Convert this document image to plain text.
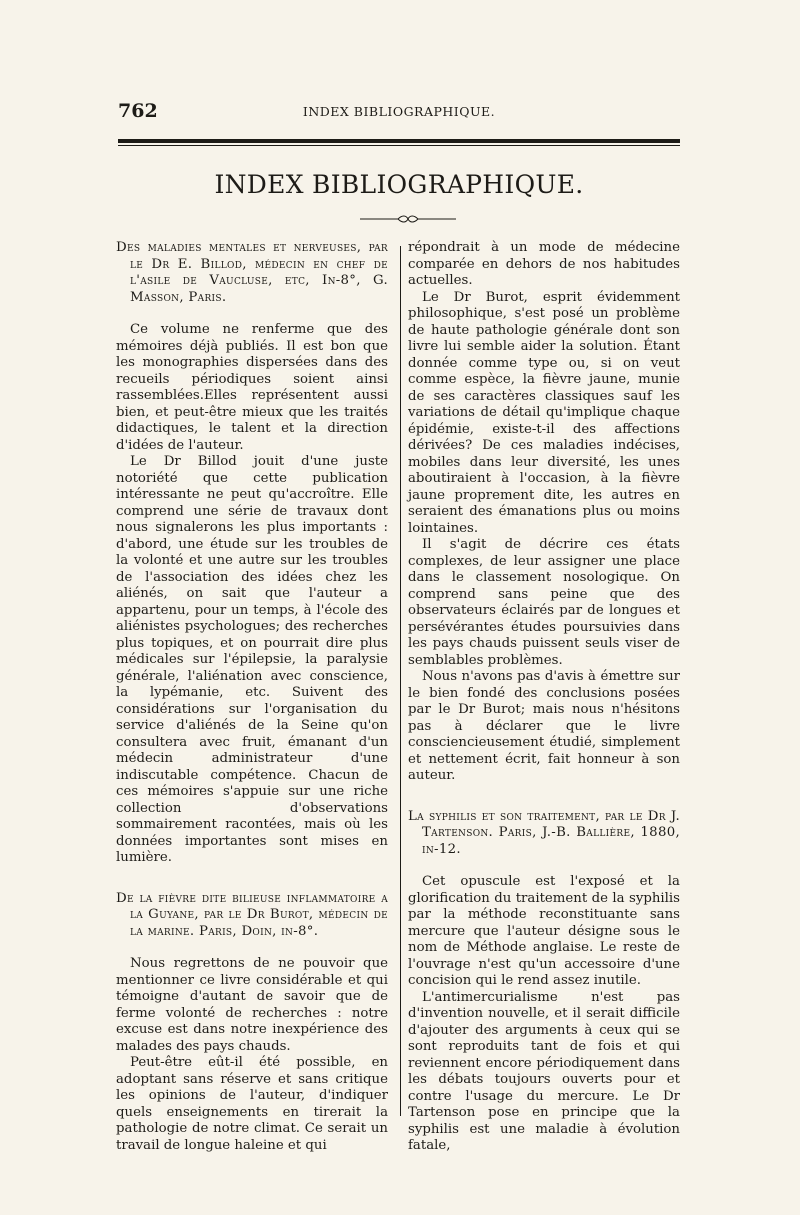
762	INDEX BIBLIOGRAPHIQUE.
INDEX BIBLIOGRAPHIQUE.

Des maladies mentales et nerveuses, par le Dr E. Billod, médecin en chef de l'asile de Vaucluse, etc, In-8°, G. Masson, Paris.

Ce volume ne renferme que des mémoires déjà publiés. Il est bon que les monographies dispersées dans des recueils périodiques soient ainsi rassemblées.Elles représentent aussi bien, et peut-être mieux que les traités didactiques, le talent et la direction d'idées de l'auteur.

Le Dr Billod jouit d'une juste notoriété que cette publication intéressante ne peut qu'accroître. Elle comprend une série de travaux dont nous signalerons les plus importants : d'abord, une étude sur les troubles de la volonté et une autre sur les troubles de l'association des idées chez les aliénés, on sait que l'auteur a appartenu, pour un temps, à l'école des aliénistes psychologues; des recherches plus topiques, et on pourrait dire plus médicales sur l'épilepsie, la paralysie générale, l'aliénation avec conscience, la lypémanie, etc. Suivent des considérations sur l'organisation du service d'aliénés de la Seine qu'on consultera avec fruit, émanant d'un médecin administrateur d'une indiscutable compétence. Chacun de ces mémoires s'appuie sur une riche collection d'observations sommairement racontées, mais où les données importantes sont mises en lumière.

De la fièvre dite bilieuse inflammatoire a la Guyane, par le Dr Burot, médecin de la marine. Paris, Doin, in-8°.

Nous regrettons de ne pouvoir que mentionner ce livre considérable et qui témoigne d'autant de savoir que de ferme volonté de recherches : notre excuse est dans notre inexpérience des malades des pays chauds.

Peut-être eût-il été possible, en adoptant sans réserve et sans critique les opinions de l'auteur, d'indiquer quels enseignements en tirerait la pathologie de notre climat. Ce serait un travail de longue haleine et qui

répondrait à un mode de médecine comparée en dehors de nos habitudes actuelles.

Le Dr Burot, esprit évidemment philosophique, s'est posé un problème de haute pathologie générale dont son livre lui semble aider la solution. Étant donnée comme type ou, si on veut comme espèce, la fièvre jaune, munie de ses caractères classiques sauf les variations de détail qu'implique chaque épidémie, existe-t-il des affections dérivées? De ces maladies indécises, mobiles dans leur diversité, les unes aboutiraient à l'occasion, à la fièvre jaune proprement dite, les autres en seraient des émanations plus ou moins lointaines.

Il s'agit de décrire ces états complexes, de leur assigner une place dans le classement nosologique. On comprend sans peine que des observateurs éclairés par de longues et persévérantes études poursuivies dans les pays chauds puissent seuls viser de semblables problèmes.

Nous n'avons pas d'avis à émettre sur le bien fondé des conclusions posées par le Dr Burot; mais nous n'hésitons pas à déclarer que le livre consciencieusement étudié, simplement et nettement écrit, fait honneur à son auteur.

La syphilis et son traitement, par le Dr J. Tartenson. Paris, J.-B. Ballière, 1880, in-12.

Cet opuscule est l'exposé et la glorification du traitement de la syphilis par la méthode reconstituante sans mercure que l'auteur désigne sous le nom de Méthode anglaise. Le reste de l'ouvrage n'est qu'un accessoire d'une concision qui le rend assez inutile.

L'antimercurialisme n'est pas d'invention nouvelle, et il serait difficile d'ajouter des arguments à ceux qui se sont reproduits tant de fois et qui reviennent encore périodiquement dans les débats toujours ouverts pour et contre l'usage du mercure. Le Dr Tartenson pose en principe que la syphilis est une maladie à évolution fatale,
